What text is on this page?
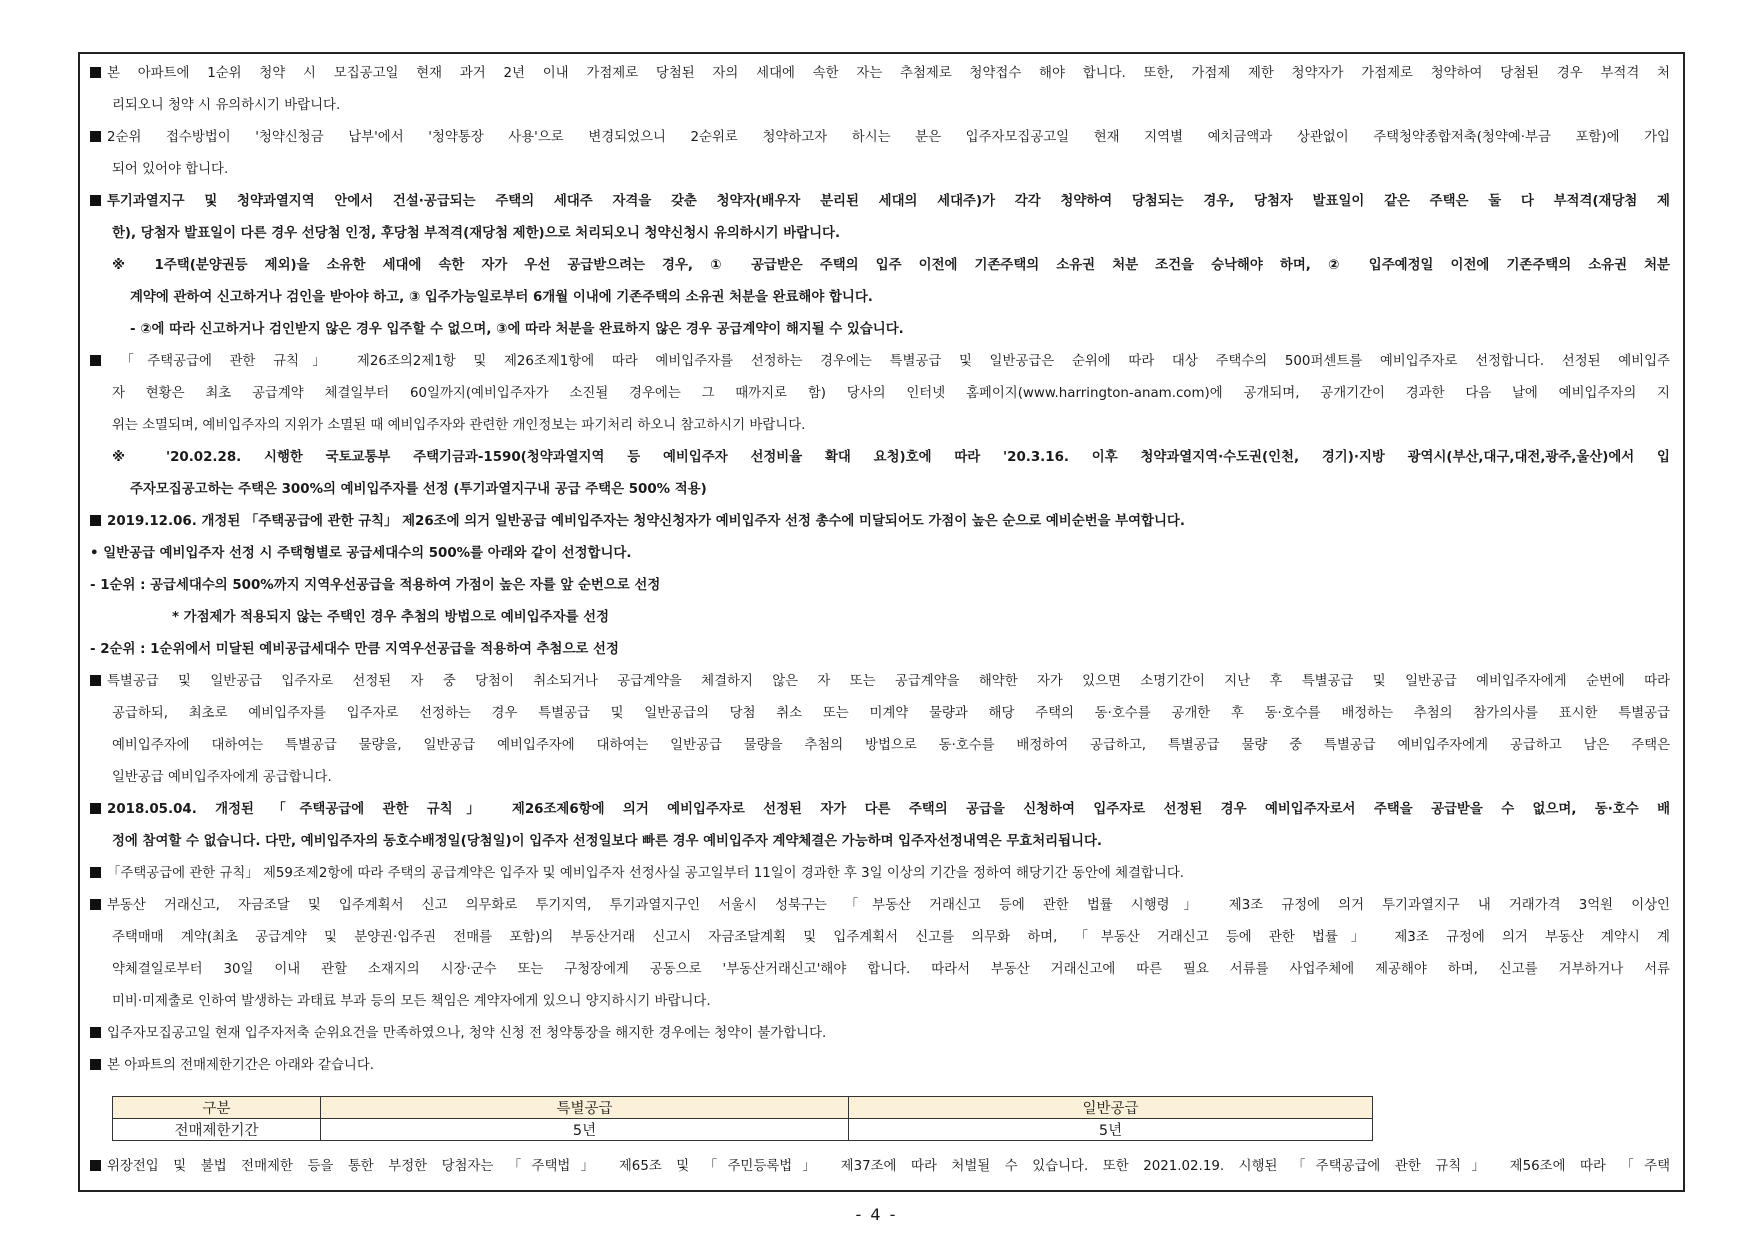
본 아파트에 1순위 청약 시 모집공고일 현재 과거 2년 이내 가점제로 당첨된 자의 세대에 속한 자는 추첨제로 청약접수 해야 합니다. 또한, 가점제 제한 청약자가 가점제로 청약하여 당첨된 경우 부적격 처
리되오니 청약 시 유의하시기 바랍니다.
2순위 접수방법이 '청약신청금 납부'에서 '청약통장 사용'으로 변경되었으니 2순위로 청약하고자 하시는 분은 입주자모집공고일 현재 지역별 예치금액과 상관없이 주택청약종합저축(청약예·부금 포함)에 가입
되어 있어야 합니다.
투기과열지구 및 청약과열지역 안에서 건설·공급되는 주택의 세대주 자격을 갖춘 청약자(배우자 분리된 세대의 세대주)가 각각 청약하여 당첨되는 경우, 당첨자 발표일이 같은 주택은 둘 다 부적격(재당첨 제
한), 당첨자 발표일이 다른 경우 선당첨 인정, 후당첨 부적격(재당첨 제한)으로 처리되오니 청약신청시 유의하시기 바랍니다.
※ 1주택(분양권등 제외)을 소유한 세대에 속한 자가 우선 공급받으려는 경우, ① 공급받은 주택의 입주 이전에 기존주택의 소유권 처분 조건을 승낙해야 하며, ② 입주예정일 이전에 기존주택의 소유권 처분
계약에 관하여 신고하거나 검인을 받아야 하고, ③ 입주가능일로부터 6개월 이내에 기존주택의 소유권 처분을 완료해야 합니다.
- ②에 따라 신고하거나 검인받지 않은 경우 입주할 수 없으며, ③에 따라 처분을 완료하지 않은 경우 공급계약이 해지될 수 있습니다.
「주택공급에 관한 규칙」 제26조의2제1항 및 제26조제1항에 따라 예비입주자를 선정하는 경우에는 특별공급 및 일반공급은 순위에 따라 대상 주택수의 500퍼센트를 예비입주자로 선정합니다. 선정된 예비입주
자 현황은 최초 공급계약 체결일부터 60일까지(예비입주자가 소진될 경우에는 그 때까지로 함) 당사의 인터넷 홈페이지(www.harrington-anam.com)에 공개되며, 공개기간이 경과한 다음 날에 예비입주자의 지
위는 소멸되며, 예비입주자의 지위가 소멸된 때 예비입주자와 관련한 개인정보는 파기처리 하오니 참고하시기 바랍니다.
※ '20.02.28. 시행한 국토교통부 주택기금과-1590(청약과열지역 등 예비입주자 선정비율 확대 요청)호에 따라 '20.3.16. 이후 청약과열지역·수도권(인천, 경기)·지방 광역시(부산,대구,대전,광주,울산)에서 입
주자모집공고하는 주택은 300%의 예비입주자를 선정 (투기과열지구내 공급 주택은 500% 적용)
2019.12.06. 개정된 「주택공급에 관한 규칙」 제26조에 의거 일반공급 예비입주자는 청약신청자가 예비입주자 선정 총수에 미달되어도 가점이 높은 순으로 예비순번을 부여합니다.
• 일반공급 예비입주자 선정 시 주택형별로 공급세대수의 500%를 아래와 같이 선정합니다.
- 1순위 : 공급세대수의 500%까지 지역우선공급을 적용하여 가점이 높은 자를 앞 순번으로 선정
* 가점제가 적용되지 않는 주택인 경우 추첨의 방법으로 예비입주자를 선정
- 2순위 : 1순위에서 미달된 예비공급세대수 만큼 지역우선공급을 적용하여 추첨으로 선정
특별공급 및 일반공급 입주자로 선정된 자 중 당첨이 취소되거나 공급계약을 체결하지 않은 자 또는 공급계약을 해약한 자가 있으면 소명기간이 지난 후 특별공급 및 일반공급 예비입주자에게 순번에 따라
공급하되, 최초로 예비입주자를 입주자로 선정하는 경우 특별공급 및 일반공급의 당첨 취소 또는 미계약 물량과 해당 주택의 동·호수를 공개한 후 동·호수를 배정하는 추첨의 참가의사를 표시한 특별공급
예비입주자에 대하여는 특별공급 물량을, 일반공급 예비입주자에 대하여는 일반공급 물량을 추첨의 방법으로 동·호수를 배정하여 공급하고, 특별공급 물량 중 특별공급 예비입주자에게 공급하고 남은 주택은
일반공급 예비입주자에게 공급합니다.
2018.05.04. 개정된 「주택공급에 관한 규칙」 제26조제6항에 의거 예비입주자로 선정된 자가 다른 주택의 공급을 신청하여 입주자로 선정된 경우 예비입주자로서 주택을 공급받을 수 없으며, 동·호수 배
정에 참여할 수 없습니다. 다만, 예비입주자의 동호수배정일(당첨일)이 입주자 선정일보다 빠른 경우 예비입주자 계약체결은 가능하며 입주자선정내역은 무효처리됩니다.
「주택공급에 관한 규칙」 제59조제2항에 따라 주택의 공급계약은 입주자 및 예비입주자 선정사실 공고일부터 11일이 경과한 후 3일 이상의 기간을 정하여 해당기간 동안에 체결합니다.
부동산 거래신고, 자금조달 및 입주계획서 신고 의무화로 투기지역, 투기과열지구인 서울시 성북구는 「부동산 거래신고 등에 관한 법률 시행령」 제3조 규정에 의거 투기과열지구 내 거래가격 3억원 이상인
주택매매 계약(최초 공급계약 및 분양권·입주권 전매를 포함)의 부동산거래 신고시 자금조달계획 및 입주계획서 신고를 의무화 하며, 「부동산 거래신고 등에 관한 법률」 제3조 규정에 의거 부동산 계약시 계
약체결일로부터 30일 이내 관할 소재지의 시장·군수 또는 구청장에게 공동으로 '부동산거래신고'해야 합니다. 따라서 부동산 거래신고에 따른 필요 서류를 사업주체에 제공해야 하며, 신고를 거부하거나 서류
미비·미제출로 인하여 발생하는 과태료 부과 등의 모든 책임은 계약자에게 있으니 양지하시기 바랍니다.
입주자모집공고일 현재 입주자저축 순위요건을 만족하였으나, 청약 신청 전 청약통장을 해지한 경우에는 청약이 불가합니다.
본 아파트의 전매제한기간은 아래와 같습니다.
구분	특별공급	일반공급
전매제한기간	5년	5년
위장전입 및 불법 전매제한 등을 통한 부정한 당첨자는 「주택법」 제65조 및 「주민등록법」 제37조에 따라 처벌될 수 있습니다. 또한 2021.02.19. 시행된 「주택공급에 관한 규칙」 제56조에 따라 「주택
- 4 -
